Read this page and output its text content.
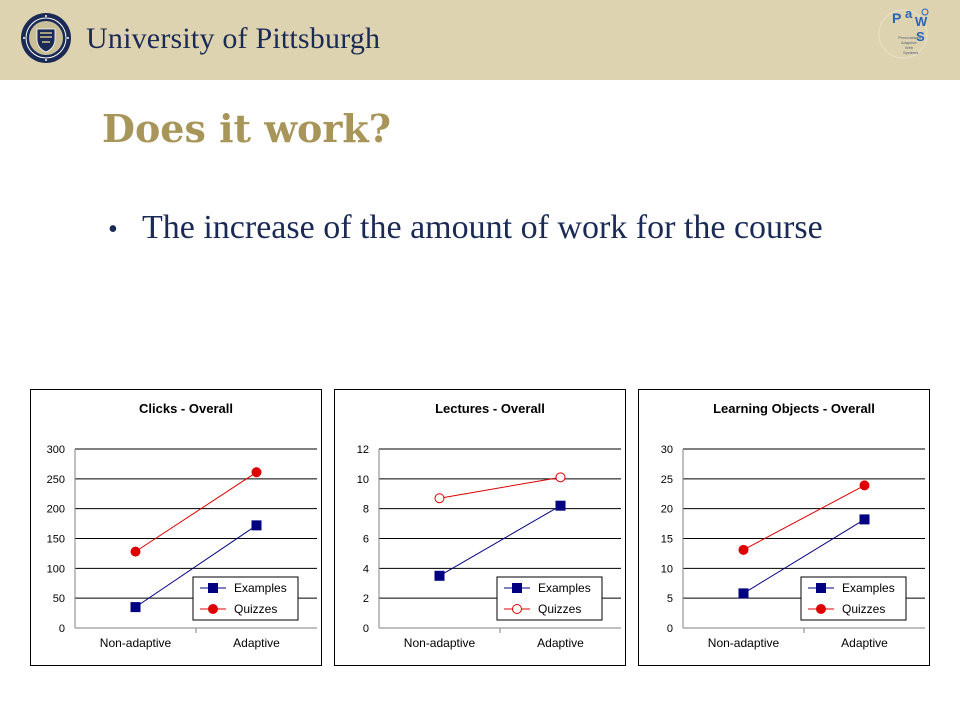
University of Pittsburgh
P a
W
S
Personalized
Adaptive
Web
Systems
Does it work?
• The increase of the amount of work for the course

Clicks - Overall
0
50
100
150
200
250
300
Non-adaptive	Adaptive
Examples
Quizzes
Lectures - Overall
0
2
4
6
8
10
12
Non-adaptive	Adaptive
Examples
Quizzes
Learning Objects - Overall
0
5
10
15
20
25
30
Non-adaptive	Adaptive
Examples
Quizzes
